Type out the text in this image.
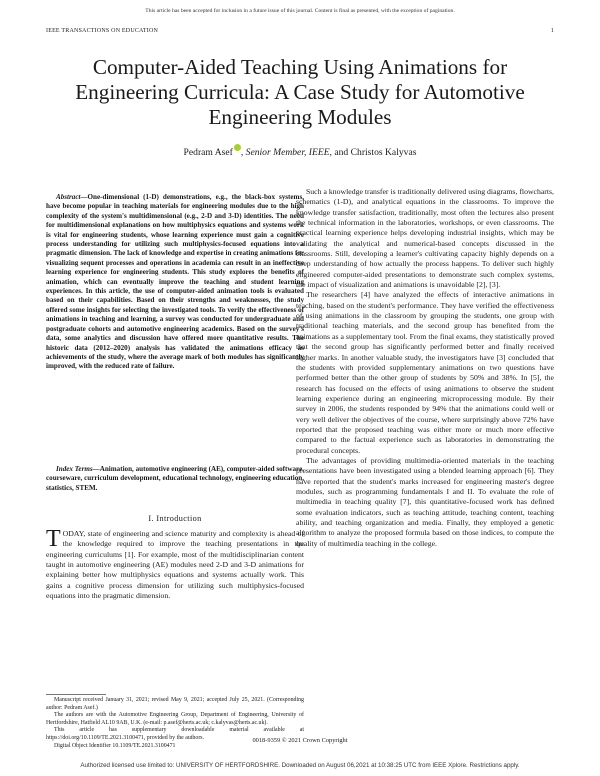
This article has been accepted for inclusion in a future issue of this journal. Content is final as presented, with the exception of pagination.
IEEE TRANSACTIONS ON EDUCATION	1
Computer-Aided Teaching Using Animations for Engineering Curricula: A Case Study for Automotive Engineering Modules
Pedram Asef , Senior Member, IEEE, and Christos Kalyvas

Abstract—One-dimensional (1-D) demonstrations, e.g., the black-box systems, have become popular in teaching materials for engineering modules due to the high complexity of the system's multidimensional (e.g., 2-D and 3-D) identities. The need for multidimensional explanations on how multiphysics equations and systems work is vital for engineering students, whose learning experience must gain a cognitive process understanding for utilizing such multiphysics-focused equations into a pragmatic dimension. The lack of knowledge and expertise in creating animations for visualizing sequent processes and operations in academia can result in an ineffective learning experience for engineering students. This study explores the benefits of animation, which can eventually improve the teaching and student learning experiences. In this article, the use of computer-aided animation tools is evaluated based on their capabilities. Based on their strengths and weaknesses, the study offered some insights for selecting the investigated tools. To verify the effectiveness of animations in teaching and learning, a survey was conducted for undergraduate and postgraduate cohorts and automotive engineering academics. Based on the survey's data, some analytics and discussion have offered more quantitative results. The historic data (2012–2020) analysis has validated the animations efficacy as achievements of the study, where the average mark of both modules has significantly improved, with the reduced rate of failure.

Index Terms—Animation, automotive engineering (AE), computer-aided software, courseware, curriculum development, educational technology, engineering education, statistics, STEM.

I. Introduction

TODAY, state of engineering and science maturity and complexity is ahead of the knowledge required to improve the teaching presentations in the engineering curriculums [1]. For example, most of the multidisciplinarian content taught in automotive engineering (AE) modules need 2-D and 3-D animations for explaining better how multiphysics equations and systems actually work. This gains a cognitive process dimension for utilizing such multiphysics-focused equations into the pragmatic dimension.

Manuscript received January 31, 2021; revised May 9, 2021; accepted July 25, 2021. (Corresponding author: Pedram Asef.)

The authors are with the Automotive Engineering Group, Department of Engineering, University of Hertfordshire, Hatfield AL10 9AB, U.K. (e-mail: p.asef@herts.ac.uk; c.kalyvas@herts.ac.uk).

This article has supplementary downloadable material available at https://doi.org/10.1109/TE.2021.3100471, provided by the authors.

Digital Object Identifier 10.1109/TE.2021.3100471

Such a knowledge transfer is traditionally delivered using diagrams, flowcharts, schematics (1-D), and analytical equations in the classrooms. To improve the knowledge transfer satisfaction, traditionally, most often the lectures also present the technical information in the laboratories, workshops, or even classrooms. The practical learning experience helps developing industrial insights, which may be validating the analytical and numerical-based concepts discussed in the classrooms. Still, developing a learner's cultivating capacity highly depends on a deep understanding of how actually the process happens. To deliver such highly engineered computer-aided presentations to demonstrate such complex systems, the impact of visualization and animations is unavoidable [2], [3].

The researchers [4] have analyzed the effects of interactive animations in teaching, based on the student's performance. They have verified the effectiveness of using animations in the classroom by grouping the students, one group with traditional teaching materials, and the second group has benefited from the animations as a supplementary tool. From the final exams, they statistically proved that the second group has significantly performed better and finally received higher marks. In another valuable study, the investigators have [3] concluded that the students with provided supplementary animations on two questions have performed better than the other group of students by 50% and 38%. In [5], the research has focused on the effects of using animations to observe the student learning experience during an engineering microprocessing module. By their survey in 2006, the students responded by 94% that the animations could well or very well deliver the objectives of the course, where surprisingly above 72% have reported that the proposed teaching was either more or much more effective compared to the factual experience such as laboratories in demonstrating the procedural concepts.

The advantages of providing multimedia-oriented materials in the teaching presentations have been investigated using a blended learning approach [6]. They have reported that the student's marks increased for engineering master's degree modules, such as programming fundamentals I and II. To evaluate the role of multimedia in teaching quality [7], this quantitative-focused work has defined some evaluation indicators, such as teaching attitude, teaching content, teaching ability, and teaching organization and media. Finally, they employed a genetic algorithm to analyze the proposed formula based on those indices, to compute the quality of multimedia teaching in the college.

0018-9359 © 2021 Crown Copyright
Authorized licensed use limited to: UNIVERSITY OF HERTFORDSHIRE. Downloaded on August 06,2021 at 10:38:25 UTC from IEEE Xplore. Restrictions apply.
